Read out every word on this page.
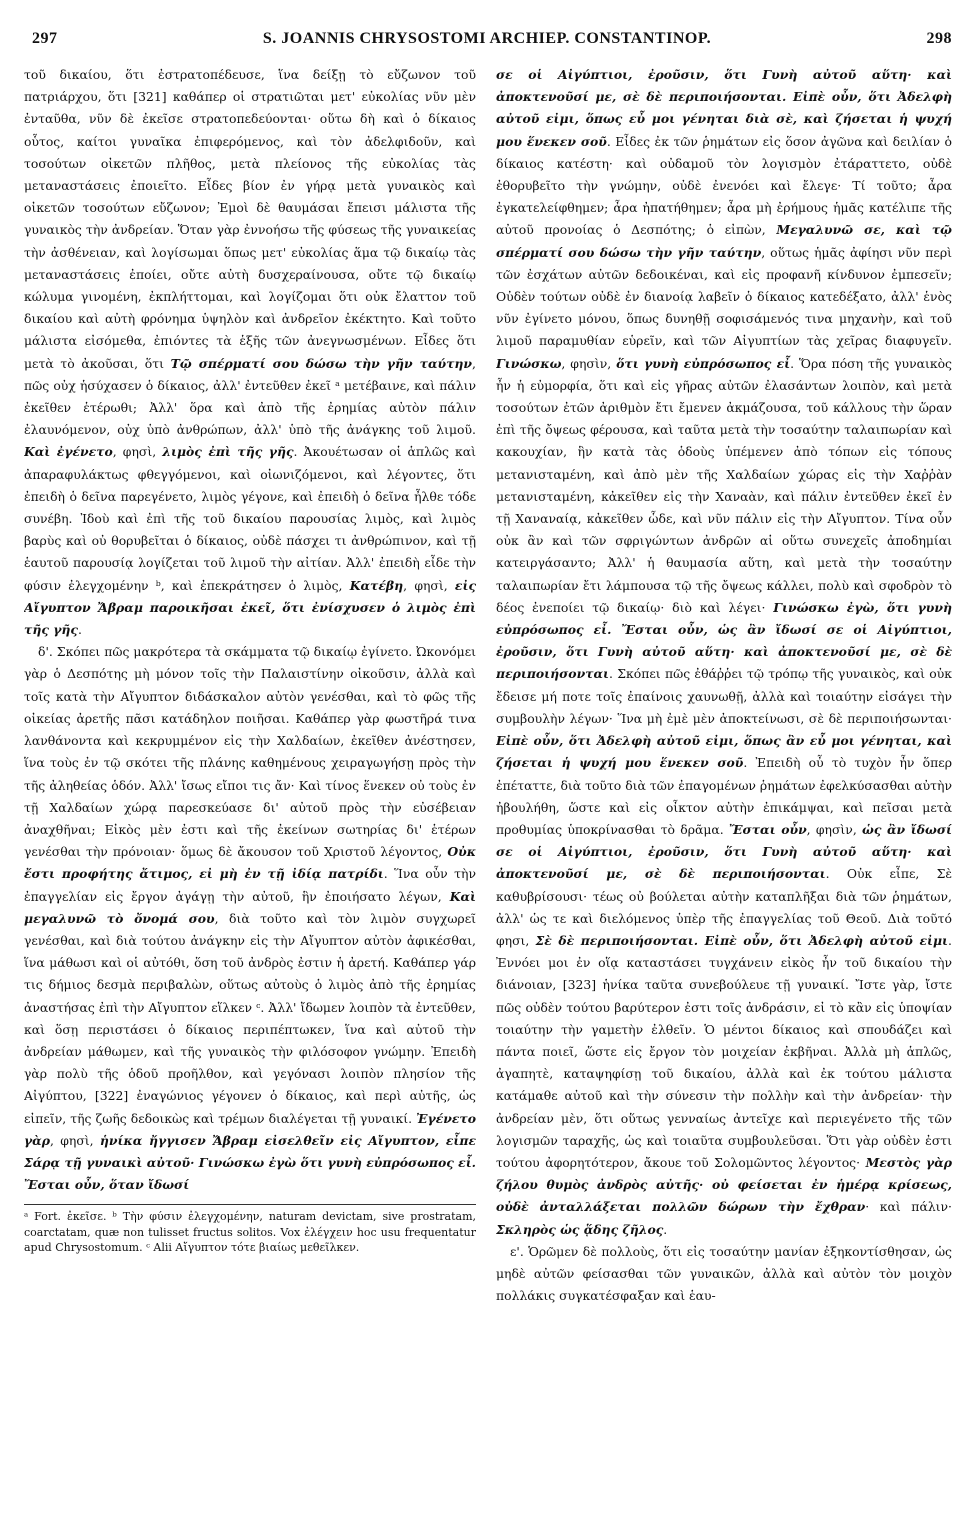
297	S. JOANNIS CHRYSOSTOMI ARCHIEP. CONSTANTINOP.	298

τοῦ δικαίου, ὅτι ἐστρατοπέδευσε, ἵνα δείξῃ τὸ εὔζωνον τοῦ πατριάρχου, ὅτι [321] καθάπερ οἱ στρατιῶται μετ' εὐκολίας νῦν μὲν ἐνταῦθα, νῦν δὲ ἐκεῖσε στρατοπεδεύονται· οὕτω δὴ καὶ ὁ δίκαιος οὗτος, καίτοι γυναῖκα ἐπιφερόμενος, καὶ τὸν ἀδελφιδοῦν, καὶ τοσούτων οἰκετῶν πλῆθος, μετὰ πλείονος τῆς εὐκολίας τὰς μεταναστάσεις ἐποιεῖτο. Εἶδες βίον ἐν γήρᾳ μετὰ γυναικὸς καὶ οἰκετῶν τοσούτων εὔζωνον; Ἐμοὶ δὲ θαυμάσαι ἔπεισι μάλιστα τῆς γυναικὸς τὴν ἀνδρείαν. Ὅταν γὰρ ἐννοήσω τῆς φύσεως τῆς γυναικείας τὴν ἀσθένειαν, καὶ λογίσωμαι ὅπως μετ' εὐκολίας ἅμα τῷ δικαίῳ τὰς μεταναστάσεις ἐποίει, οὔτε αὐτὴ δυσχεραίνουσα, οὔτε τῷ δικαίῳ κώλυμα γινομένη, ἐκπλήττομαι, καὶ λογίζομαι ὅτι οὐκ ἔλαττον τοῦ δικαίου καὶ αὐτὴ φρόνημα ὑψηλὸν καὶ ἀνδρεῖον ἐκέκτητο. Καὶ τοῦτο μάλιστα εἰσόμεθα, ἐπιόντες τὰ ἑξῆς τῶν ἀνεγνωσμένων. Εἶδες ὅτι μετὰ τὸ ἀκοῦσαι, ὅτι Τῷ σπέρματί σου δώσω τὴν γῆν ταύτην, πῶς οὐχ ἡσύχασεν ὁ δίκαιος, ἀλλ' ἐντεῦθεν ἐκεῖ ᵃ μετέβαινε, καὶ πάλιν ἐκεῖθεν ἑτέρωθι; Ἀλλ' ὅρα καὶ ἀπὸ τῆς ἐρημίας αὐτὸν πάλιν ἐλαυνόμενον, οὐχ ὑπὸ ἀνθρώπων, ἀλλ' ὑπὸ τῆς ἀνάγκης τοῦ λιμοῦ. Καὶ ἐγένετο, φησὶ, λιμὸς ἐπὶ τῆς γῆς. Ἀκουέτωσαν οἱ ἁπλῶς καὶ ἀπαραφυλάκτως φθεγγόμενοι, καὶ οἰωνιζόμενοι, καὶ λέγοντες, ὅτι ἐπειδὴ ὁ δεῖνα παρεγένετο, λιμὸς γέγονε, καὶ ἐπειδὴ ὁ δεῖνα ἦλθε τόδε συνέβη. Ἰδοὺ καὶ ἐπὶ τῆς τοῦ δικαίου παρουσίας λιμὸς, καὶ λιμὸς βαρὺς καὶ οὐ θορυβεῖται ὁ δίκαιος, οὐδὲ πάσχει τι ἀνθρώπινον, καὶ τῇ ἑαυτοῦ παρουσίᾳ λογίζεται τοῦ λιμοῦ τὴν αἰτίαν. Ἀλλ' ἐπειδὴ εἶδε τὴν φύσιν ἐλεγχομένην ᵇ, καὶ ἐπεκράτησεν ὁ λιμὸς, Κατέβη, φησὶ, εἰς Αἴγυπτον Ἄβραμ παροικῆσαι ἐκεῖ, ὅτι ἐνίσχυσεν ὁ λιμὸς ἐπὶ τῆς γῆς.

δ'. Σκόπει πῶς μακρότερα τὰ σκάμματα τῷ δικαίῳ ἐγίνετο. Ὠκονόμει γὰρ ὁ Δεσπότης μὴ μόνον τοῖς τὴν Παλαιστίνην οἰκοῦσιν, ἀλλὰ καὶ τοῖς κατὰ τὴν Αἴγυπτον διδάσκαλον αὐτὸν γενέσθαι, καὶ τὸ φῶς τῆς οἰκείας ἀρετῆς πᾶσι κατάδηλον ποιῆσαι. Καθάπερ γὰρ φωστῆρά τινα λανθάνοντα καὶ κεκρυμμένον εἰς τὴν Χαλδαίων, ἐκεῖθεν ἀνέστησεν, ἵνα τοὺς ἐν τῷ σκότει τῆς πλάνης καθημένους χειραγωγήσῃ πρὸς τὴν τῆς ἀληθείας ὁδόν. Ἀλλ' ἴσως εἴποι τις ἄν· Καὶ τίνος ἕνεκεν οὐ τοὺς ἐν τῇ Χαλδαίων χώρᾳ παρεσκεύασε δι' αὐτοῦ πρὸς τὴν εὐσέβειαν ἀναχθῆναι; Εἰκὸς μὲν ἐστι καὶ τῆς ἐκείνων σωτηρίας δι' ἑτέρων γενέσθαι τὴν πρόνοιαν· ὅμως δὲ ἄκουσον τοῦ Χριστοῦ λέγοντος, Οὐκ ἔστι προφήτης ἄτιμος, εἰ μὴ ἐν τῇ ἰδίᾳ πατρίδι. Ἵνα οὖν τὴν ἐπαγγελίαν εἰς ἔργον ἀγάγῃ τὴν αὐτοῦ, ἣν ἐποιήσατο λέγων, Καὶ μεγαλυνῶ τὸ ὄνομά σου, διὰ τοῦτο καὶ τὸν λιμὸν συγχωρεῖ γενέσθαι, καὶ διὰ τούτου ἀνάγκην εἰς τὴν Αἴγυπτον αὐτὸν ἀφικέσθαι, ἵνα μάθωσι καὶ οἱ αὐτόθι, ὅση τοῦ ἀνδρὸς ἐστιν ἡ ἀρετή. Καθάπερ γάρ τις δήμιος δεσμὰ περιβαλὼν, οὕτως αὐτοὺς ὁ λιμὸς ἀπὸ τῆς ἐρημίας ἀναστήσας ἐπὶ τὴν Αἴγυπτον εἵλκεν ᶜ. Ἀλλ' ἴδωμεν λοιπὸν τὰ ἐντεῦθεν, καὶ ὅσῃ περιστάσει ὁ δίκαιος περιπέπτωκεν, ἵνα καὶ αὐτοῦ τὴν ἀνδρείαν μάθωμεν, καὶ τῆς γυναικὸς τὴν φιλόσοφον γνώμην. Ἐπειδὴ γὰρ πολὺ τῆς ὁδοῦ προῆλθον, καὶ γεγόνασι λοιπὸν πλησίον τῆς Αἰγύπτου, [322] ἐναγώνιος γέγονεν ὁ δίκαιος, καὶ περὶ αὐτῆς, ὡς εἰπεῖν, τῆς ζωῆς δεδοικὼς καὶ τρέμων διαλέγεται τῇ γυναικί. Ἐγένετο γὰρ, φησὶ, ἡνίκα ἤγγισεν Ἄβραμ εἰσελθεῖν εἰς Αἴγυπτον, εἶπε Σάρᾳ τῇ γυναικὶ αὐτοῦ· Γινώσκω ἐγὼ ὅτι γυνὴ εὐπρόσωπος εἶ. Ἔσται οὖν, ὅταν ἴδωσί

ᵃ Fort. ἐκεῖσε. ᵇ Τὴν φύσιν ἐλεγχομένην, naturam devictam, sive prostratam, coarctatam, quæ non tulisset fructus solitos. Vox ἐλέγχειν hoc usu frequentatur apud Chrysostomum. ᶜ Alii Αἴγυπτον τότε βιαίως μεθεῖλκεν.

σε οἱ Αἰγύπτιοι, ἐροῦσιν, ὅτι Γυνὴ αὐτοῦ αὕτη· καὶ ἀποκτενοῦσί με, σὲ δὲ περιποιήσονται. Εἰπὲ οὖν, ὅτι Ἀδελφὴ αὐτοῦ εἰμι, ὅπως εὖ μοι γένηται διὰ σὲ, καὶ ζήσεται ἡ ψυχή μου ἕνεκεν σοῦ. Εἶδες ἐκ τῶν ῥημάτων εἰς ὅσον ἀγῶνα καὶ δειλίαν ὁ δίκαιος κατέστη· καὶ οὐδαμοῦ τὸν λογισμὸν ἐτάραττετο, οὐδὲ ἐθορυβεῖτο τὴν γνώμην, οὐδὲ ἐνενόει καὶ ἔλεγε· Τί τοῦτο; ἆρα ἐγκατελείφθημεν; ἆρα ἠπατήθημεν; ἆρα μὴ ἐρήμους ἡμᾶς κατέλιπε τῆς αὐτοῦ προνοίας ὁ Δεσπότης; ὁ εἰπὼν, Μεγαλυνῶ σε, καὶ τῷ σπέρματί σου δώσω τὴν γῆν ταύτην, οὕτως ἡμᾶς ἀφίησι νῦν περὶ τῶν ἐσχάτων αὐτῶν δεδοικέναι, καὶ εἰς προφανῆ κίνδυνον ἐμπεσεῖν; Οὐδὲν τούτων οὐδὲ ἐν διανοίᾳ λαβεῖν ὁ δίκαιος κατεδέξατο, ἀλλ' ἑνὸς νῦν ἐγίνετο μόνου, ὅπως δυνηθῇ σοφισάμενός τινα μηχανὴν, καὶ τοῦ λιμοῦ παραμυθίαν εὑρεῖν, καὶ τῶν Αἰγυπτίων τὰς χεῖρας διαφυγεῖν. Γινώσκω, φησὶν, ὅτι γυνὴ εὐπρόσωπος εἶ. Ὅρα πόση τῆς γυναικὸς ἦν ἡ εὐμορφία, ὅτι καὶ εἰς γῆρας αὐτῶν ἐλασάντων λοιπὸν, καὶ μετὰ τοσούτων ἐτῶν ἀριθμὸν ἔτι ἔμενεν ἀκμάζουσα, τοῦ κάλλους τὴν ὥραν ἐπὶ τῆς ὄψεως φέρουσα, καὶ ταῦτα μετὰ τὴν τοσαύτην ταλαιπωρίαν καὶ κακουχίαν, ἣν κατὰ τὰς ὁδοὺς ὑπέμενεν ἀπὸ τόπων εἰς τόπους μετανισταμένη, καὶ ἀπὸ μὲν τῆς Χαλδαίων χώρας εἰς τὴν Χαῤῥὰν μετανισταμένη, κἀκεῖθεν εἰς τὴν Χαναὰν, καὶ πάλιν ἐντεῦθεν ἐκεῖ ἐν τῇ Χαναναίᾳ, κἀκεῖθεν ὧδε, καὶ νῦν πάλιν εἰς τὴν Αἴγυπτον. Τίνα οὖν οὐκ ἂν καὶ τῶν σφριγώντων ἀνδρῶν αἱ οὕτω συνεχεῖς ἀποδημίαι κατειργάσαντο; Ἀλλ' ἡ θαυμασία αὕτη, καὶ μετὰ τὴν τοσαύτην ταλαιπωρίαν ἔτι λάμπουσα τῷ τῆς ὄψεως κάλλει, πολὺ καὶ σφοδρὸν τὸ δέος ἐνεποίει τῷ δικαίῳ· διὸ καὶ λέγει· Γινώσκω ἐγὼ, ὅτι γυνὴ εὐπρόσωπος εἶ. Ἔσται οὖν, ὡς ἂν ἴδωσί σε οἱ Αἰγύπτιοι, ἐροῦσιν, ὅτι Γυνὴ αὐτοῦ αὕτη· καὶ ἀποκτενοῦσί με, σὲ δὲ περιποιήσονται. Σκόπει πῶς ἐθάῤῥει τῷ τρόπῳ τῆς γυναικὸς, καὶ οὐκ ἔδεισε μή ποτε τοῖς ἐπαίνοις χαυνωθῇ, ἀλλὰ καὶ τοιαύτην εἰσάγει τὴν συμβουλὴν λέγων· Ἵνα μὴ ἐμὲ μὲν ἀποκτείνωσι, σὲ δὲ περιποιήσωνται· Εἰπὲ οὖν, ὅτι Ἀδελφὴ αὐτοῦ εἰμι, ὅπως ἂν εὖ μοι γένηται, καὶ ζήσεται ἡ ψυχή μου ἕνεκεν σοῦ. Ἐπειδὴ οὖ τὸ τυχὸν ἦν ὅπερ ἐπέταττε, διὰ τοῦτο διὰ τῶν ἐπαγομένων ῥημάτων ἐφελκύσασθαι αὐτὴν ἠβουλήθη, ὥστε καὶ εἰς οἶκτον αὐτὴν ἐπικάμψαι, καὶ πεῖσαι μετὰ προθυμίας ὑποκρίνασθαι τὸ δρᾶμα. Ἔσται οὖν, φησὶν, ὡς ἂν ἴδωσί σε οἱ Αἰγύπτιοι, ἐροῦσιν, ὅτι Γυνὴ αὐτοῦ αὕτη· καὶ ἀποκτενοῦσί με, σὲ δὲ περιποιήσονται. Οὐκ εἶπε, Σὲ καθυβρίσουσι· τέως οὐ βούλεται αὐτὴν καταπλῆξαι διὰ τῶν ῥημάτων, ἀλλ' ὡς τε καὶ διελόμενος ὑπὲρ τῆς ἐπαγγελίας τοῦ Θεοῦ. Διὰ τοῦτό φησι, Σὲ δὲ περιποιήσονται. Εἰπὲ οὖν, ὅτι Ἀδελφὴ αὐτοῦ εἰμι. Ἐννόει μοι ἐν οἵᾳ καταστάσει τυγχάνειν εἰκὸς ἦν τοῦ δικαίου τὴν διάνοιαν, [323] ἡνίκα ταῦτα συνεβούλευε τῇ γυναικί. Ἴστε γὰρ, ἴστε πῶς οὐδὲν τούτου βαρύτερον ἐστι τοῖς ἀνδράσιν, εἰ τὸ κἂν εἰς ὑποψίαν τοιαύτην τὴν γαμετὴν ἐλθεῖν. Ὁ μέντοι δίκαιος καὶ σπουδάζει καὶ πάντα ποιεῖ, ὥστε εἰς ἔργον τὸν μοιχείαν ἐκβῆναι. Ἀλλὰ μὴ ἁπλῶς, ἀγαπητὲ, καταψηφίσῃ τοῦ δικαίου, ἀλλὰ καὶ ἐκ τούτου μάλιστα κατάμαθε αὐτοῦ καὶ τὴν σύνεσιν τὴν πολλὴν καὶ τὴν ἀνδρείαν· τὴν ἀνδρείαν μὲν, ὅτι οὕτως γενναίως ἀντεῖχε καὶ περιεγένετο τῆς τῶν λογισμῶν ταραχῆς, ὡς καὶ τοιαῦτα συμβουλεῦσαι. Ὅτι γὰρ οὐδὲν ἐστι τούτου ἀφορητότερον, ἄκουε τοῦ Σολομῶντος λέγοντος· Μεστὸς γὰρ ζήλου θυμὸς ἀνδρὸς αὐτῆς· οὐ φείσεται ἐν ἡμέρᾳ κρίσεως, οὐδὲ ἀνταλλάξεται πολλῶν δώρων τὴν ἔχθραν· καὶ πάλιν· Σκληρὸς ὡς ᾅδης ζῆλος.

ε'. Ὁρῶμεν δὲ πολλοὺς, ὅτι εἰς τοσαύτην μανίαν ἐξηκοντίσθησαν, ὡς μηδὲ αὐτῶν φείσασθαι τῶν γυναικῶν, ἀλλὰ καὶ αὐτὸν τὸν μοιχὸν πολλάκις συγκατέσφαξαν καὶ ἑαυ-
